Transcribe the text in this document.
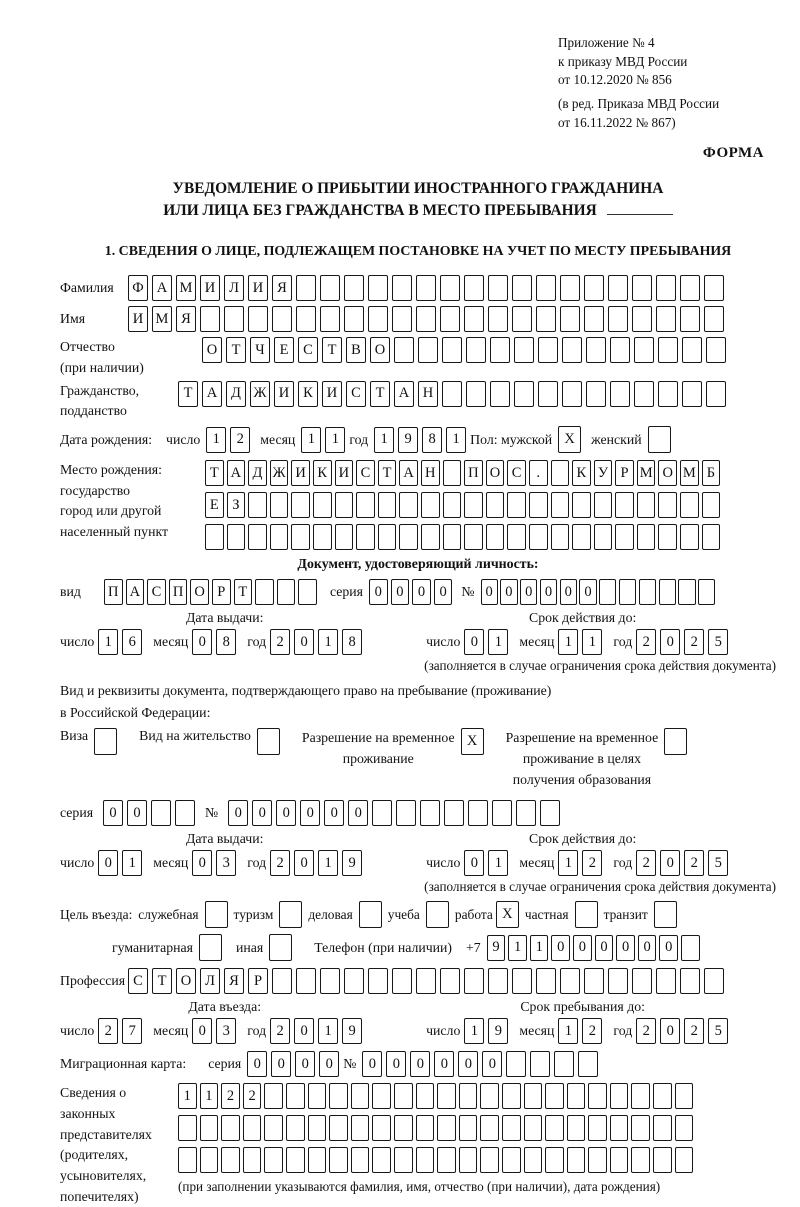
Приложение № 4
к приказу МВД России
от 10.12.2020 № 856
(в ред. Приказа МВД России
от 16.11.2022 № 867)
ФОРМА
УВЕДОМЛЕНИЕ О ПРИБЫТИИ ИНОСТРАННОГО ГРАЖДАНИНА
ИЛИ ЛИЦА БЕЗ ГРАЖДАНСТВА В МЕСТО ПРЕБЫВАНИЯ
1. СВЕДЕНИЯ О ЛИЦЕ, ПОДЛЕЖАЩЕМ ПОСТАНОВКЕ НА УЧЕТ ПО МЕСТУ ПРЕБЫВАНИЯ
Фамилия	Ф А М И Л И Я
Имя	И М Я
Отчество
(при наличии)
О Т	Ч	Е	С	Т	В О
Гражданство,
подданство
Т А Д Ж И К И С	Т А Н
Дата рождения: число 1	2	месяц 1	1 год 1	9	8	1 Пол: мужской X	женский
Место рождения:
государство
город или другой
населенный пункт
Т А Д Ж И К И С Т А Н П О С	.	К У Р М О М Б
Е З
Документ, удостоверяющий личность:
вид	П А С П О Р Т	серия 0 0 0 0	№ 0 0 0 0 0 0
Дата выдачи:
число 1	6	месяц 0	8	год 2	0	1	8
Срок действия до:
число 0	1	месяц 1	1	год 2	0	2	5
(заполняется в случае ограничения срока действия документа)
Вид и реквизиты документа, подтверждающего право на пребывание (проживание)
в Российской Федерации:
Виза	Вид на жительство	Разрешение на временное
проживание
X	Разрешение на временное
проживание в целях
получения образования
серия	0	0	№	0	0	0	0	0	0
Дата выдачи:
число 0	1	месяц 0	3	год 2	0	1	9
Срок действия до:
число 0	1	месяц 1	2	год 2	0	2	5
(заполняется в случае ограничения срока действия документа)
Цель въезда: служебная	туризм	деловая	учеба	работа X частная	транзит
гуманитарная	иная	Телефон (при наличии) +7 9 1 1 0 0 0 0 0 0
Профессия С	Т О Л Я	Р
Дата въезда:
число 2	7	месяц 0	3	год 2	0	1	9
Срок пребывания до:
число 1	9	месяц 1	2	год 2	0	2	5
Миграционная карта: серия 0	0	0	0 № 0	0	0	0	0	0
Сведения о
законных
представителях
(родителях,
усыновителях,
попечителях)
1 1 2 2
(при заполнении указываются фамилия, имя, отчество (при наличии), дата рождения)
